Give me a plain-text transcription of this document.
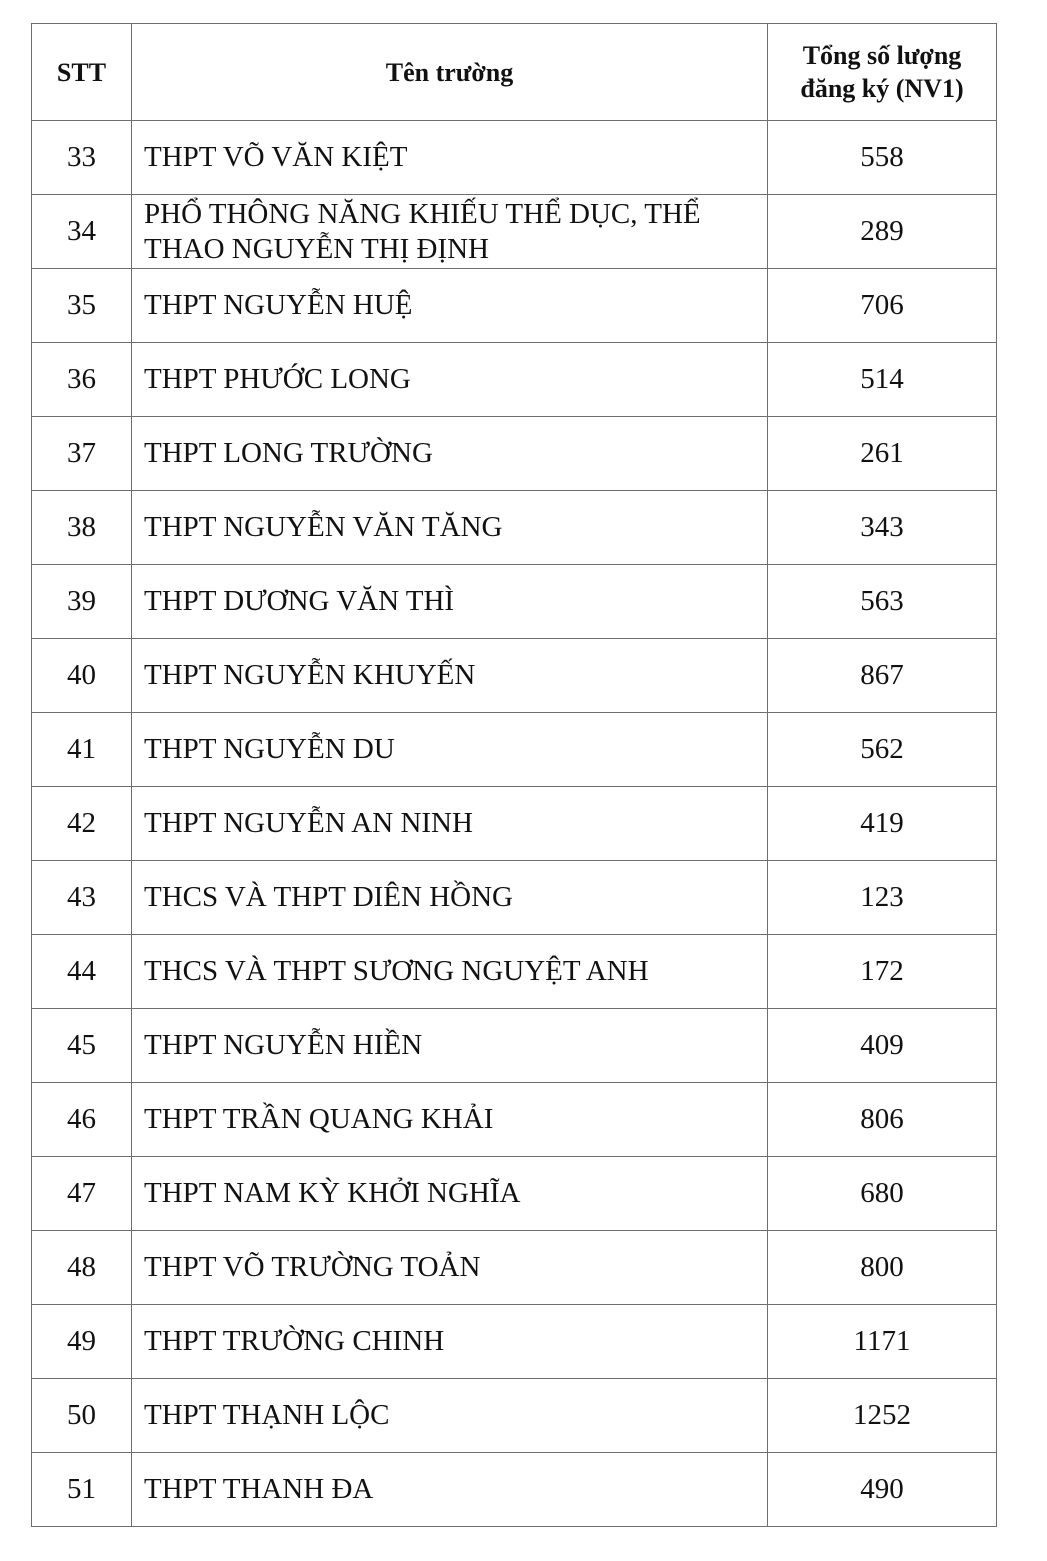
STT	Tên trường	Tổng số lượng
đăng ký (NV1)
33	THPT VÕ VĂN KIỆT	558
34	PHỔ THÔNG NĂNG KHIẾU THỂ DỤC, THỂ THAO NGUYỄN THỊ ĐỊNH	289
35	THPT NGUYỄN HUỆ	706
36	THPT PHƯỚC LONG	514
37	THPT LONG TRƯỜNG	261
38	THPT NGUYỄN VĂN TĂNG	343
39	THPT DƯƠNG VĂN THÌ	563
40	THPT NGUYỄN KHUYẾN	867
41	THPT NGUYỄN DU	562
42	THPT NGUYỄN AN NINH	419
43	THCS VÀ THPT DIÊN HỒNG	123
44	THCS VÀ THPT SƯƠNG NGUYỆT ANH	172
45	THPT NGUYỄN HIỀN	409
46	THPT TRẦN QUANG KHẢI	806
47	THPT NAM KỲ KHỞI NGHĨA	680
48	THPT VÕ TRƯỜNG TOẢN	800
49	THPT TRƯỜNG CHINH	1171
50	THPT THẠNH LỘC	1252
51	THPT THANH ĐA	490
